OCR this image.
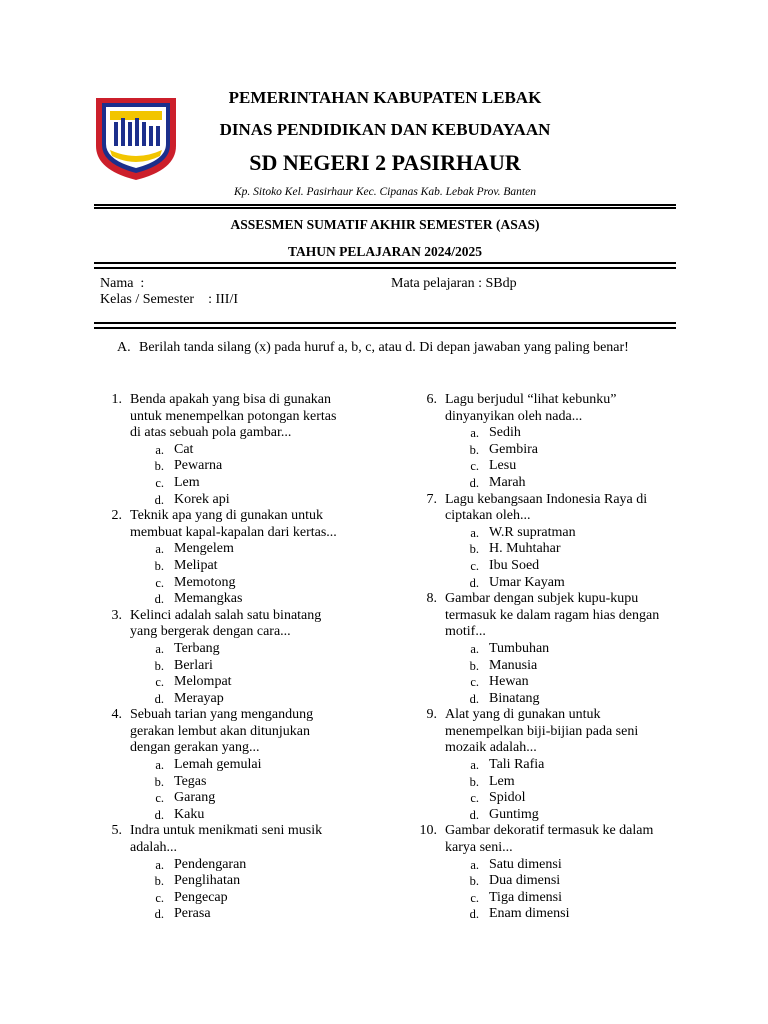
PEMERINTAHAN KABUPATEN LEBAK
DINAS PENDIDIKAN DAN KEBUDAYAAN
SD NEGERI 2 PASIRHAUR
Kp. Sitoko Kel. Pasirhaur Kec. Cipanas Kab. Lebak Prov. Banten
ASSESMEN SUMATIF AKHIR SEMESTER (ASAS)
TAHUN PELAJARAN 2024/2025
Nama  :	Mata pelajaran : SBdp
Kelas / Semester    : III/I
A. Berilah tanda silang (x) pada huruf a, b, c, atau d. Di depan jawaban yang paling benar!
1. Benda apakah yang bisa di gunakan
untuk menempelkan potongan kertas
di atas sebuah pola gambar...
a. Cat
b. Pewarna
c. Lem
d. Korek api
2. Teknik apa yang di gunakan untuk
membuat kapal-kapalan dari kertas...
a. Mengelem
b. Melipat
c. Memotong
d. Memangkas
3. Kelinci adalah salah satu binatang
yang bergerak dengan cara...
a. Terbang
b. Berlari
c. Melompat
d. Merayap
4. Sebuah tarian yang mengandung
gerakan lembut akan ditunjukan
dengan gerakan yang...
a. Lemah gemulai
b. Tegas
c. Garang
d. Kaku
5. Indra untuk menikmati seni musik
adalah...
a. Pendengaran
b. Penglihatan
c. Pengecap
d. Perasa
6. Lagu berjudul “lihat kebunku”
dinyanyikan oleh nada...
a. Sedih
b. Gembira
c. Lesu
d. Marah
7. Lagu kebangsaan Indonesia Raya di
ciptakan oleh...
a. W.R supratman
b. H. Muhtahar
c. Ibu Soed
d. Umar Kayam
8. Gambar dengan subjek kupu-kupu
termasuk ke dalam ragam hias dengan
motif...
a. Tumbuhan
b. Manusia
c. Hewan
d. Binatang
9. Alat yang di gunakan untuk
menempelkan biji-bijian pada seni
mozaik adalah...
a. Tali Rafia
b. Lem
c. Spidol
d. Guntimg
10. Gambar dekoratif termasuk ke dalam
karya seni...
a. Satu dimensi
b. Dua dimensi
c. Tiga dimensi
d. Enam dimensi
